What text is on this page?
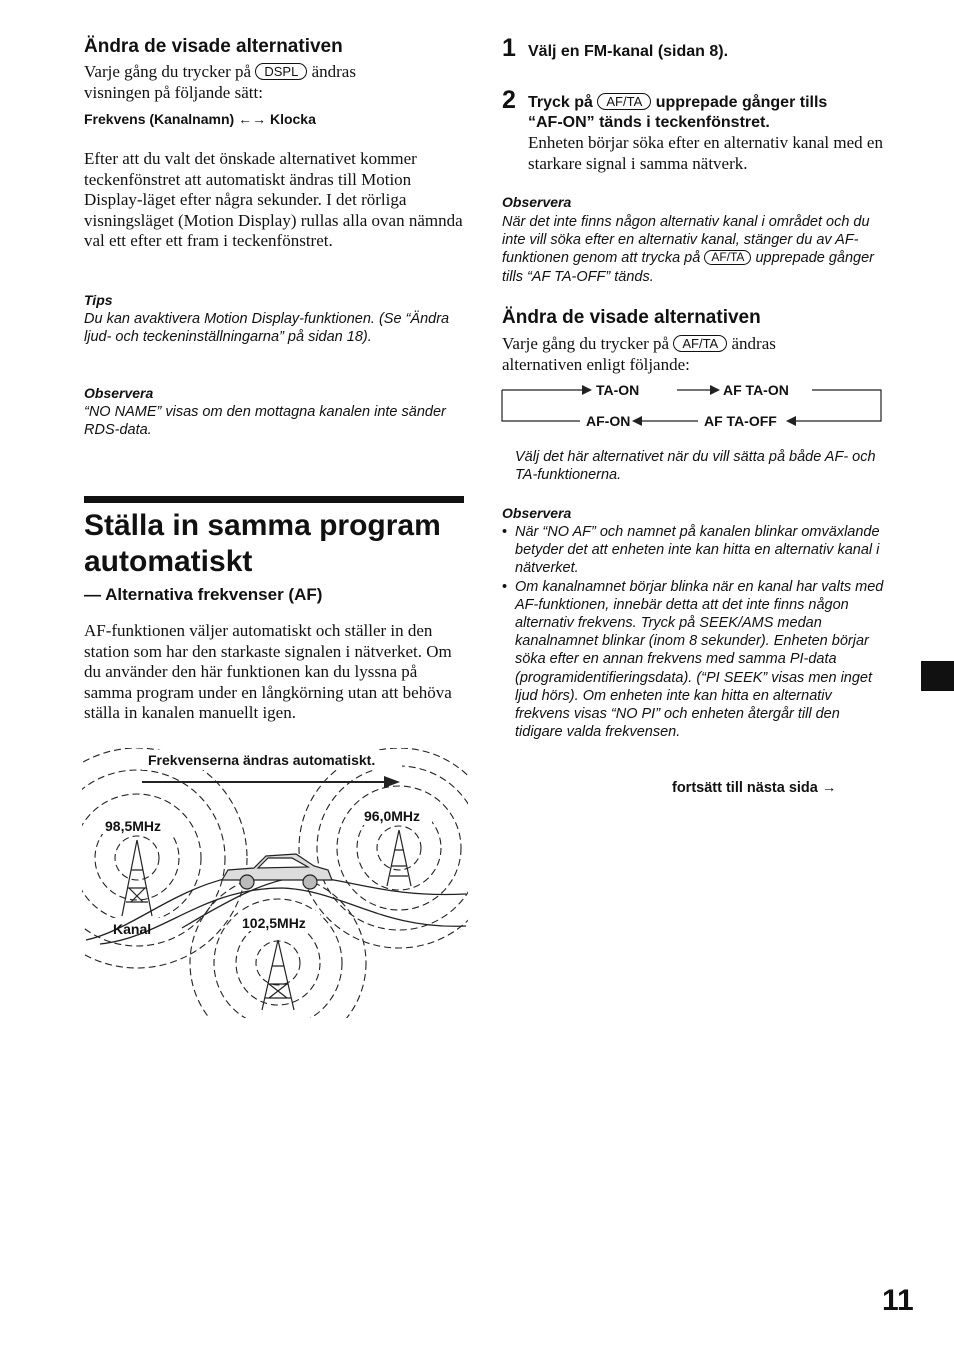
Ändra de visade alternativen
Varje gång du trycker på DSPL ändras
visningen på följande sätt:
Frekvens (Kanalnamn) ←→ Klocka

Efter att du valt det önskade alternativet kommer teckenfönstret att automatiskt ändras till Motion Display-läget efter några sekunder. I det rörliga visningsläget (Motion Display) rullas alla ovan nämnda val ett efter ett fram i teckenfönstret.

Tips

Du kan avaktivera Motion Display-funktionen. (Se “Ändra ljud- och teckeninställningarna” på sidan 18).

Observera

“NO NAME” visas om den mottagna kanalen inte sänder RDS-data.

Ställa in samma program
automatiskt
— Alternativa frekvenser (AF)

AF-funktionen väljer automatiskt och ställer in den station som har den starkaste signalen i nätverket. Om du använder den här funktionen kan du lyssna på samma program under en långkörning utan att behöva ställa in kanalen manuellt igen.

Frekvenserna ändras automatiskt.
98,5MHz
96,0MHz
102,5MHz
Kanal
1 Välj en FM-kanal (sidan 8).
2 Tryck på AF/TA upprepade gånger tills
“AF-ON” tänds i teckenfönstret.

Enheten börjar söka efter en alternativ kanal med en starkare signal i samma nätverk.

Observera

När det inte finns någon alternativ kanal i området och du inte vill söka efter en alternativ kanal, stänger du av AF-funktionen genom att trycka på AF/TA upprepade gånger tills “AF TA-OFF” tänds.

Ändra de visade alternativen
Varje gång du trycker på AF/TA ändras
alternativen enligt följande:
TA-ON	AF TA-ON
AF TA-OFF
AF-ON

Välj det här alternativet när du vill sätta på både AF- och TA-funktionerna.

Observera
• När “NO AF” och namnet på kanalen blinkar omväxlande betyder det att enheten inte kan hitta en alternativ kanal i nätverket.
• Om kanalnamnet börjar blinka när en kanal har valts med AF-funktionen, innebär detta att det inte finns någon alternativ frekvens. Tryck på SEEK/AMS medan kanalnamnet blinkar (inom 8 sekunder). Enheten börjar söka efter en annan frekvens med samma PI-data (programidentifieringsdata). (“PI SEEK” visas men inget ljud hörs). Om enheten inte kan hitta en alternativ frekvens visas “NO PI” och enheten återgår till den tidigare valda frekvensen.
fortsätt till nästa sida →
11
